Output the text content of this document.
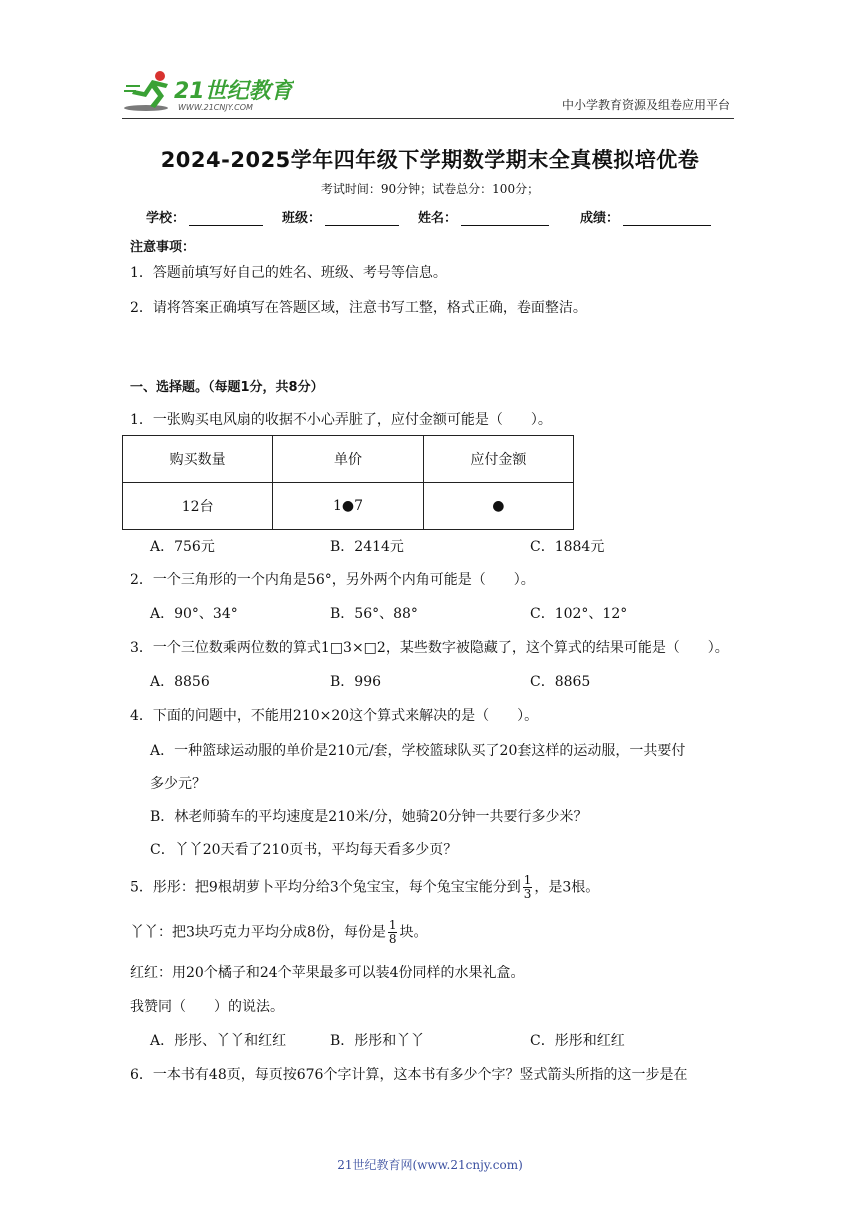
21世纪教育
WWW.21CNJY.COM	中小学教育资源及组卷应用平台
2024-2025学年四年级下学期数学期末全真模拟培优卷
考试时间：90分钟；试卷总分：100分；
学校：	班级：	姓名：	成绩：
注意事项：
1．答题前填写好自己的姓名、班级、考号等信息。
2．请将答案正确填写在答题区域，注意书写工整，格式正确，卷面整洁。
一、选择题。（每题1分，共8分）
1．一张购买电风扇的收据不小心弄脏了，应付金额可能是（　　）。
购买数量	单价	应付金额
12台	1●7	●
A．756元	B．2414元	C．1884元
2．一个三角形的一个内角是56°，另外两个内角可能是（　　）。
A．90°、34°	B．56°、88°	C．102°、12°
3．一个三位数乘两位数的算式1□3×□2，某些数字被隐藏了，这个算式的结果可能是（　　）。
A．8856	B．996	C．8865
4．下面的问题中，不能用210×20这个算式来解决的是（　　）。
A．一种篮球运动服的单价是210元/套，学校篮球队买了20套这样的运动服，一共要付
多少元？
B．林老师骑车的平均速度是210米/分，她骑20分钟一共要行多少米？
C．丫丫20天看了210页书，平均每天看多少页？
5．彤彤：把9根胡萝卜平均分给3个兔宝宝，每个兔宝宝能分到 $\frac{1}{3}$ ，是3根。
丫丫：把3块巧克力平均分成8份，每份是 $\frac{1}{8}$ 块。
红红：用20个橘子和24个苹果最多可以装4份同样的水果礼盒。
我赞同（　　）的说法。
A．彤彤、丫丫和红红	B．彤彤和丫丫	C．彤彤和红红
6．一本书有48页，每页按676个字计算，这本书有多少个字？竖式箭头所指的这一步是在
21世纪教育网(www.21cnjy.com)
